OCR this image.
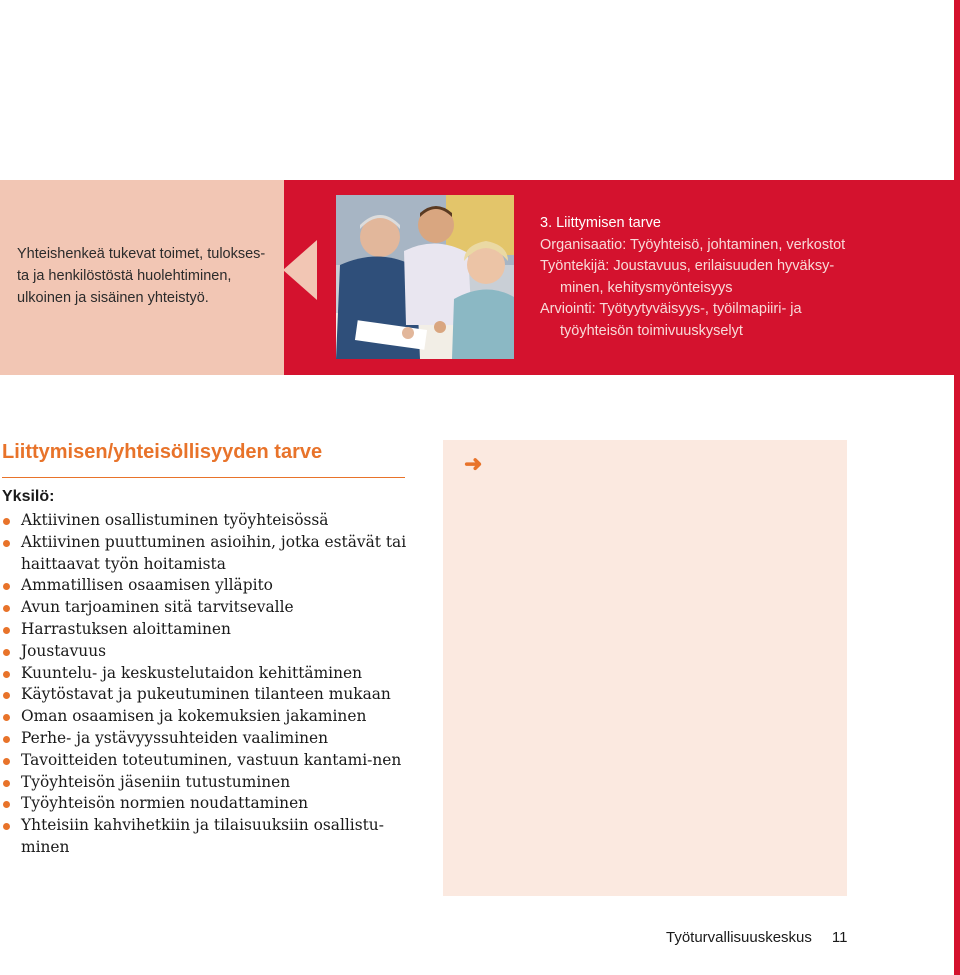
Yhteishenkeä tukevat toimet, tulokses-
ta ja henkilöstöstä huolehtiminen,
ulkoinen ja sisäinen yhteistyö.
3. Liittymisen tarve
Organisaatio: Työyhteisö, johtaminen, verkostot
Työntekijä: Joustavuus, erilaisuuden hyväksy-
minen, kehitysmyönteisyys
Arviointi: Työtyytyväisyys-, työilmapiiri- ja
työyhteisön toimivuuskyselyt
Liittymisen/yhteisöllisyyden tarve
Yksilö:
Aktiivinen osallistuminen työyhteisössä
Aktiivinen puuttuminen asioihin, jotka estävät tai haittaavat työn hoitamista
Ammatillisen osaamisen ylläpito
Avun tarjoaminen sitä tarvitsevalle
Harrastuksen aloittaminen
Joustavuus
Kuuntelu- ja keskustelutaidon kehittäminen
Käytöstavat ja pukeutuminen tilanteen mukaan
Oman osaamisen ja kokemuksien jakaminen
Perhe- ja ystävyyssuhteiden vaaliminen
Tavoitteiden toteutuminen, vastuun kantami-nen
Työyhteisön jäseniin tutustuminen
Työyhteisön normien noudattaminen
Yhteisiin kahvihetkiin ja tilaisuuksiin osallistu-minen
➜
Työturvallisuuskeskus 11
